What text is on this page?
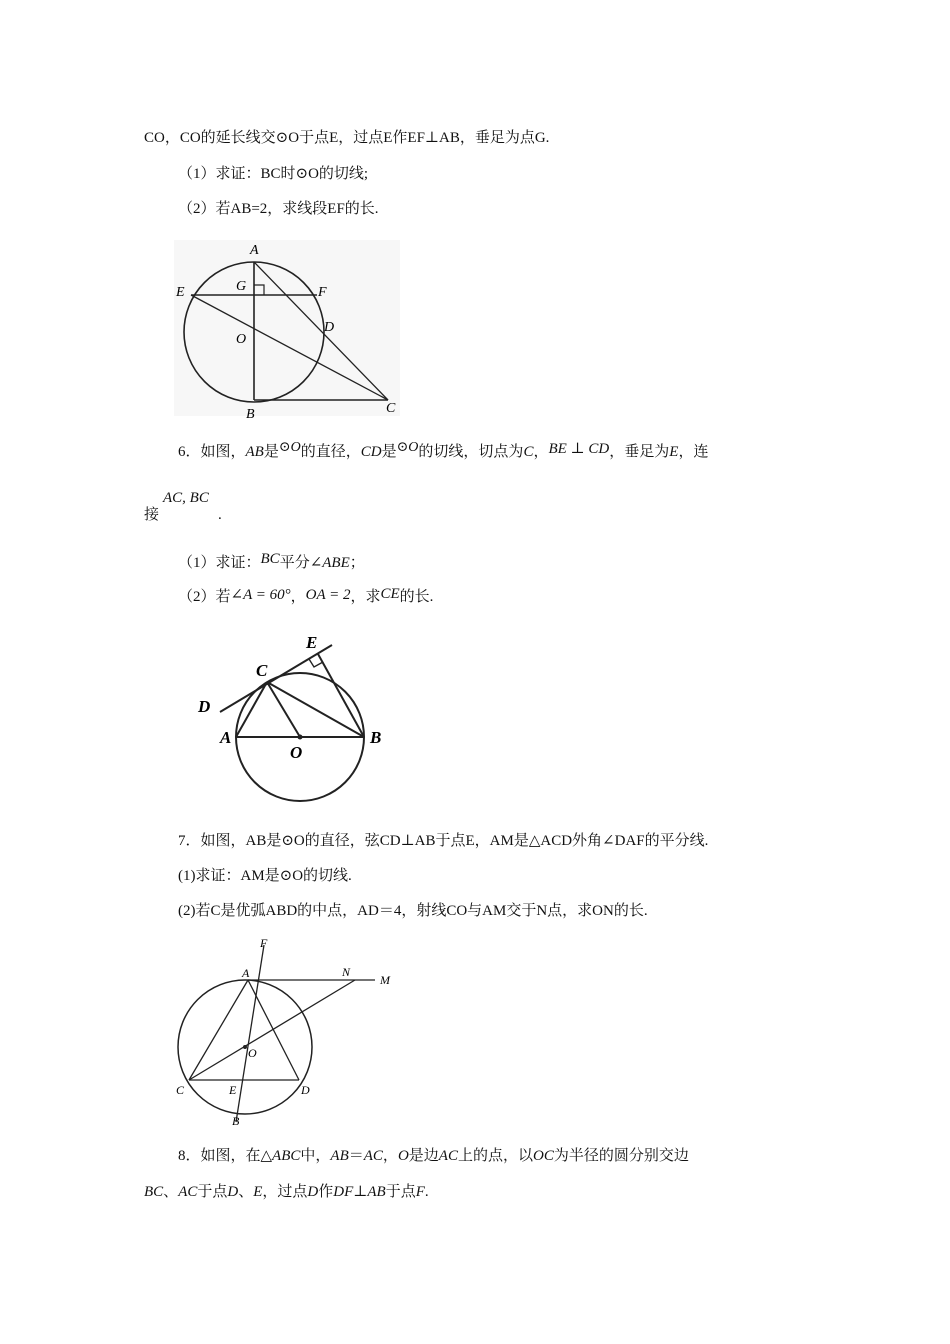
CO，CO的延长线交⊙O于点E，过点E作EF⊥AB，垂足为点G.
（1）求证：BC时⊙O的切线;
（2）若AB=2，求线段EF的长.
A
B	C
D
E	F
G
O
6．如图，AB是⊙O的直径，CD是⊙O的切线，切点为C，BE ⊥ CD，垂足为E，连
AC, BC
接	.
（1）求证：BC平分∠ABE；
（2）若∠A = 60°，OA = 2，求CE的长.
A	B
C
D
E
O
7．如图，AB是⊙O的直径，弦CD⊥AB于点E，AM是△ACD外角∠DAF的平分线.
(1)求证：AM是⊙O的切线.
(2)若C是优弧ABD的中点，AD＝4，射线CO与AM交于N点，求ON的长.
A
B
C	D
E
F
M
N
O
8．如图，在△ABC中，AB＝AC，O是边AC上的点，以OC为半径的圆分别交边
BC、AC于点D、E，过点D作DF⊥AB于点F.
